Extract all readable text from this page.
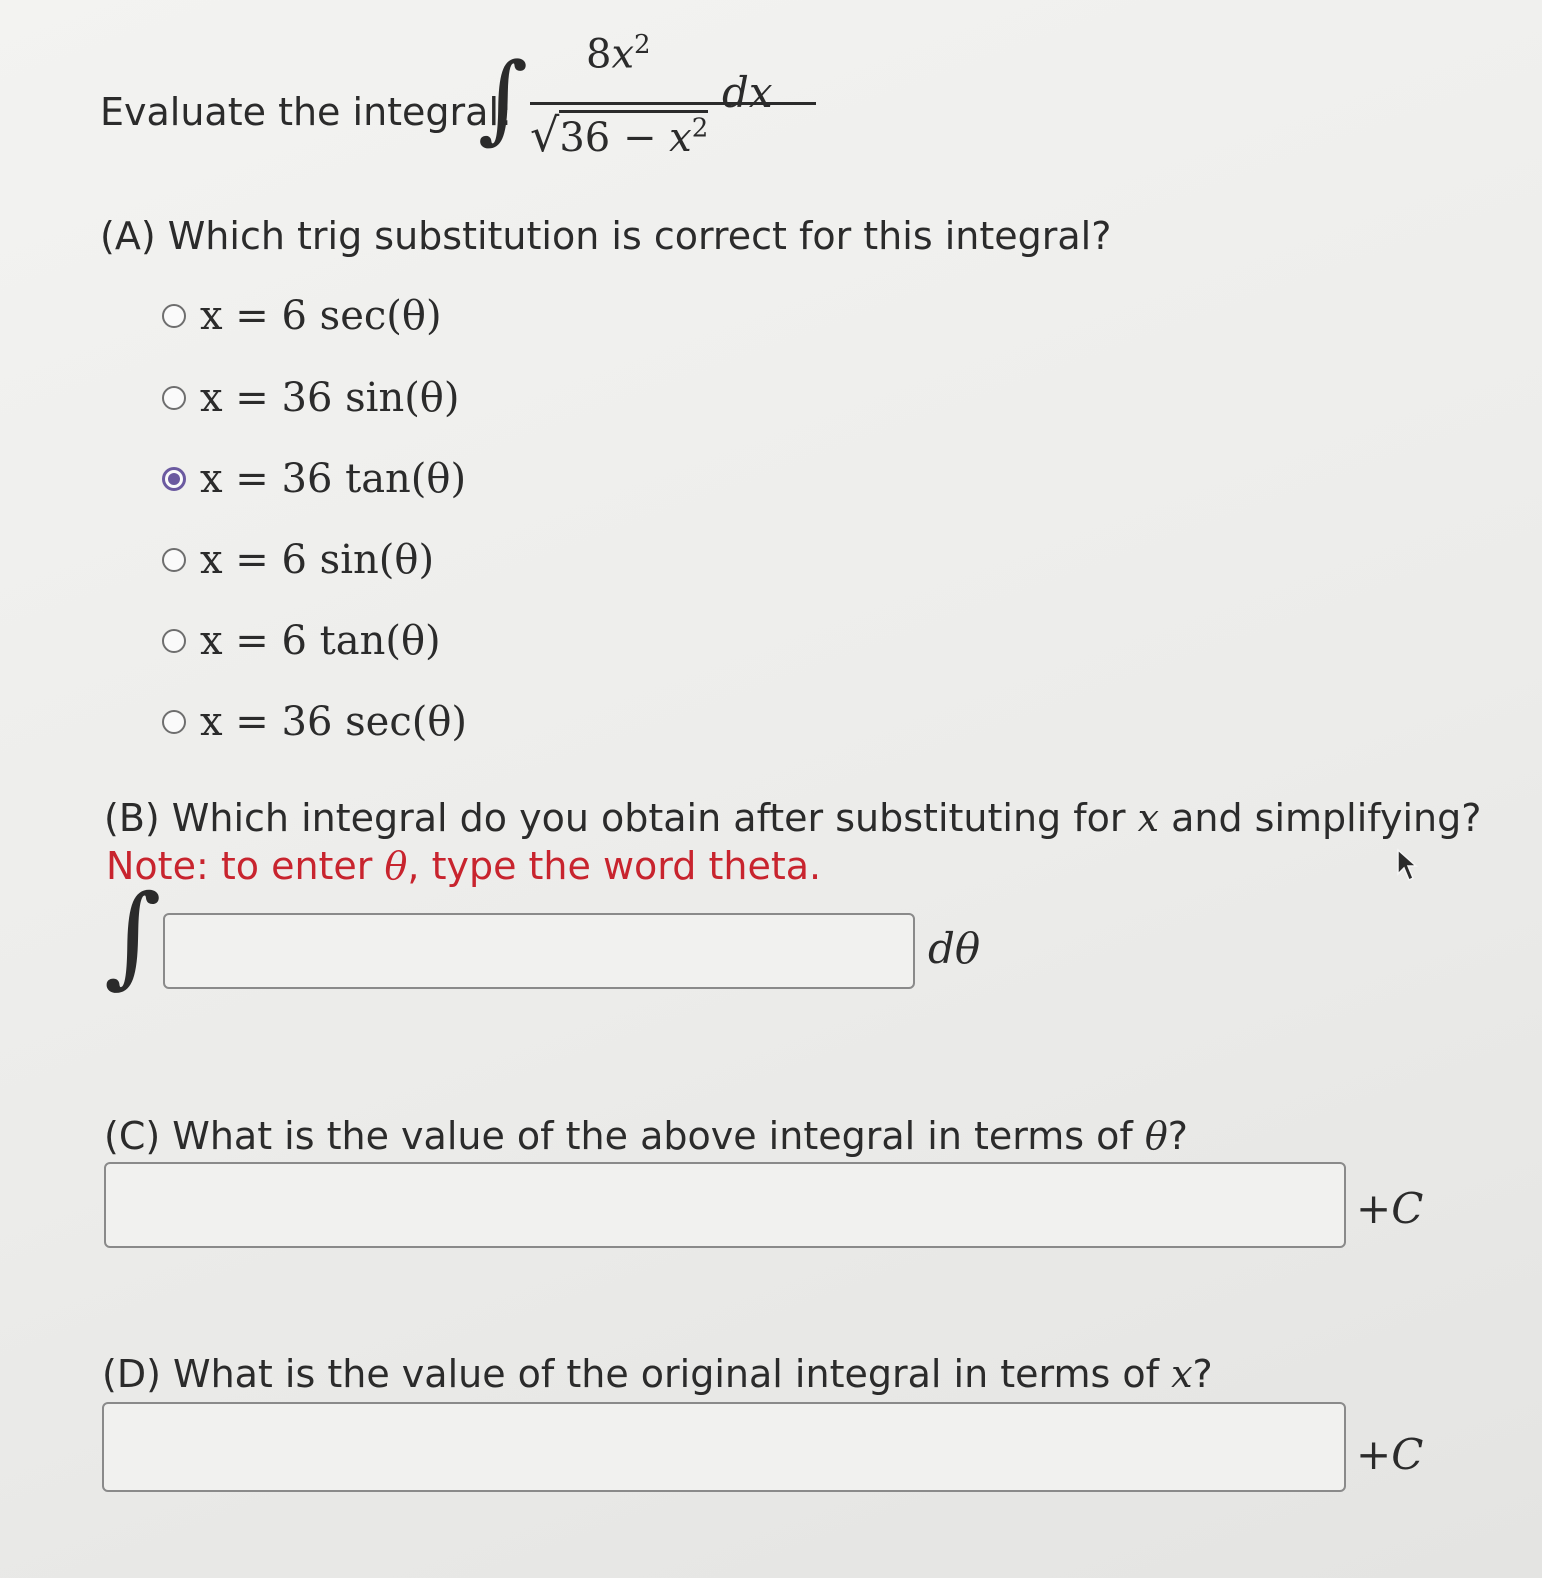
Evaluate the integral:
∫ $8x^2$
$√36 - x^2$
dx
(A) Which trig substitution is correct for this integral?
x = 6 sec(θ)
x = 36 sin(θ)
x = 36 tan(θ)
x = 6 sin(θ)
x = 6 tan(θ)
x = 36 sec(θ)
(B) Which integral do you obtain after substituting for x and simplifying?
Note: to enter θ, type the word theta.
∫	dθ
(C) What is the value of the above integral in terms of θ?
+C
(D) What is the value of the original integral in terms of x?
+C
